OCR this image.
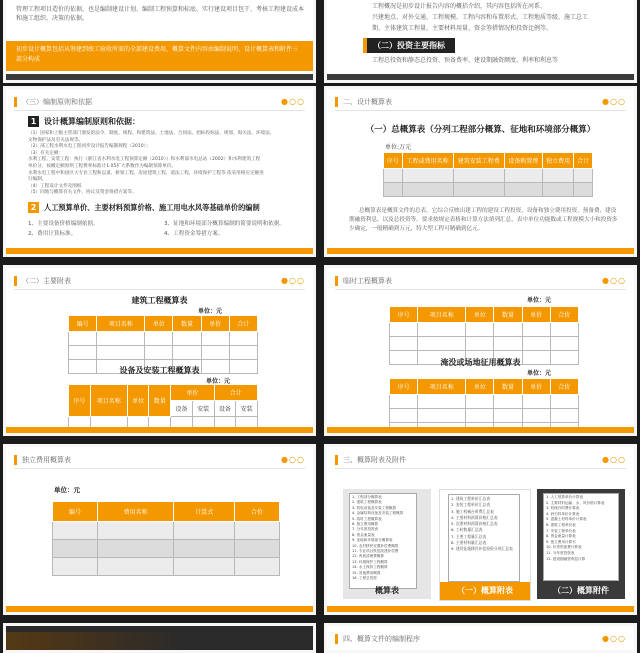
管理工程项目造价的依据，也是编制建设计划、编制工程预算和标底、实行建设项目包干、考核工程建设成本和施工组织、决策的依据。
初步设计概算包括从筹建到竣工验收所需的全部建设费用，概算文件内容由编制说明、设计概算表和附件三部分构成
工程概况是初步设计报告内容的概括介绍，其内容包括所在河系、
兴建地点、对外交通、工程规模、工程内容和布置形式、工程地质等级、施工总工
期、主体建筑工程量、主要材料用量、资金筹措情况和投资比例等。
（二）投资主要指标
工程总投资和静态总投资、预备费率、建设期融资额度、利率和利息等
（三）编制原则和依据	●○○
1 设计概算编制原则和依据：
（1）国家和上级主管部门颁发的法令、制度、规程、和建筑法、土地法、合同法、招标投标法、规划、海关法、环境法、
文物保护法及有关法规等。
（2）部工程水利水电工程初步设计报告编制规程（2010）；
（3）有关定额：
水利工程、安装工程：执行《浙江省水利水电工程预算定额（2010）》和水利部水电总站（2002）和水利建筑工程
单价分、按概定额原则工程费率标准计1.05扩大系数作为编制预算单价。
水利水电工程中和园区大专业工程和以道、桥梁工程、房屋建筑工程、道法工程、环境保护工程等 依采用相应定额进
行编制。
（4）工程设计文件及图纸
（5）同地与概算有关文件、协议及资金筹措方案等。
2	人工预算单价、主要材料预算价格、施工用电水风等基础单价的编制
1、主要设备价格编制依据。
2、费用计算标准。
3、征地和环境部分概算编制的简要说明和依据。
4、工程资金筹措方案。
二、设计概算表	●○○
（一）总概算表（分列工程部分概算、征地和环境部分概算）
单位:万元
序号	工程或费用名称	建筑安装工程费	设备购置费	独立费用	合计

总概算表是概算文件的总表，它综合反映出建工程的建设工程投资、设备和独立费用投资、预备费、建设期融资利息，以及总投资等。要求按规定表格和计算方法填列汇总，表中单位功能数或工程规模大小和投资多少确定，一般精确到万元，特大型工程可精确到亿元。
（二）主要附表	●○○
建筑工程概算表
单位：元
编号	项目名称	单位	数量	单价	合计

设备及安装工程概算表
单位：元
序号	项目名称	单位	数量	单价		合计	
				设备	安装	设备	安装

临时工程概算表	●○○
单位：元
序号	项目名称	单位	数量	单价	合价

淹没或场地征用概算表
单位：元
序号	项目名称	单位	数量	单价	合价

独立费用概算表	●○○
单位：元
编号	费用名称	计算式	合价

三、概算附表及附件	●○○
1. 工程部分概算表
2. 建筑工程概算表
3. 机电设备及安装工程概算
4. 金属结构设备及安装工程概算
5. 临时工程概算表
6. 独立费用概算
7. 分年度投资表
8. 资金流量表
9. 征地和环境部分概算表
10. 农村移民安置补偿费概算
11. 专业项目恢复改建补偿费
12. 库底清理费概算
13. 环境保护工程概算
14. 水土保持工程概算
15. 其他费用概算
16. 工程总投资
概算表
1. 建筑工程单价汇总表
2. 安装工程单价汇总表
3. 施工机械台时费汇总表
4. 主要材料预算价格汇总表
5. 次要材料预算价格汇总表
6. 工时数量汇总表
7. 主要工程量汇总表
8. 主要材料量汇总表
9. 建设征地移民补偿投资分项汇总表
（一）概算附表
1. 人工预算单价计算表
2. 主要材料运输、水、风价格计算表
3. 机械台时费计算表
4. 砂石料单价计算表
5. 混凝土材料单价计算表
6. 建筑工程单价表
7. 安装工程单价表
8. 资金流量计算表
9. 独立费用计算书
10. 价差预备费计算表
11. 分年度投资表
12. 建设期融资利息计算
（二）概算附件
四、概算文件的编制程序	●○○
